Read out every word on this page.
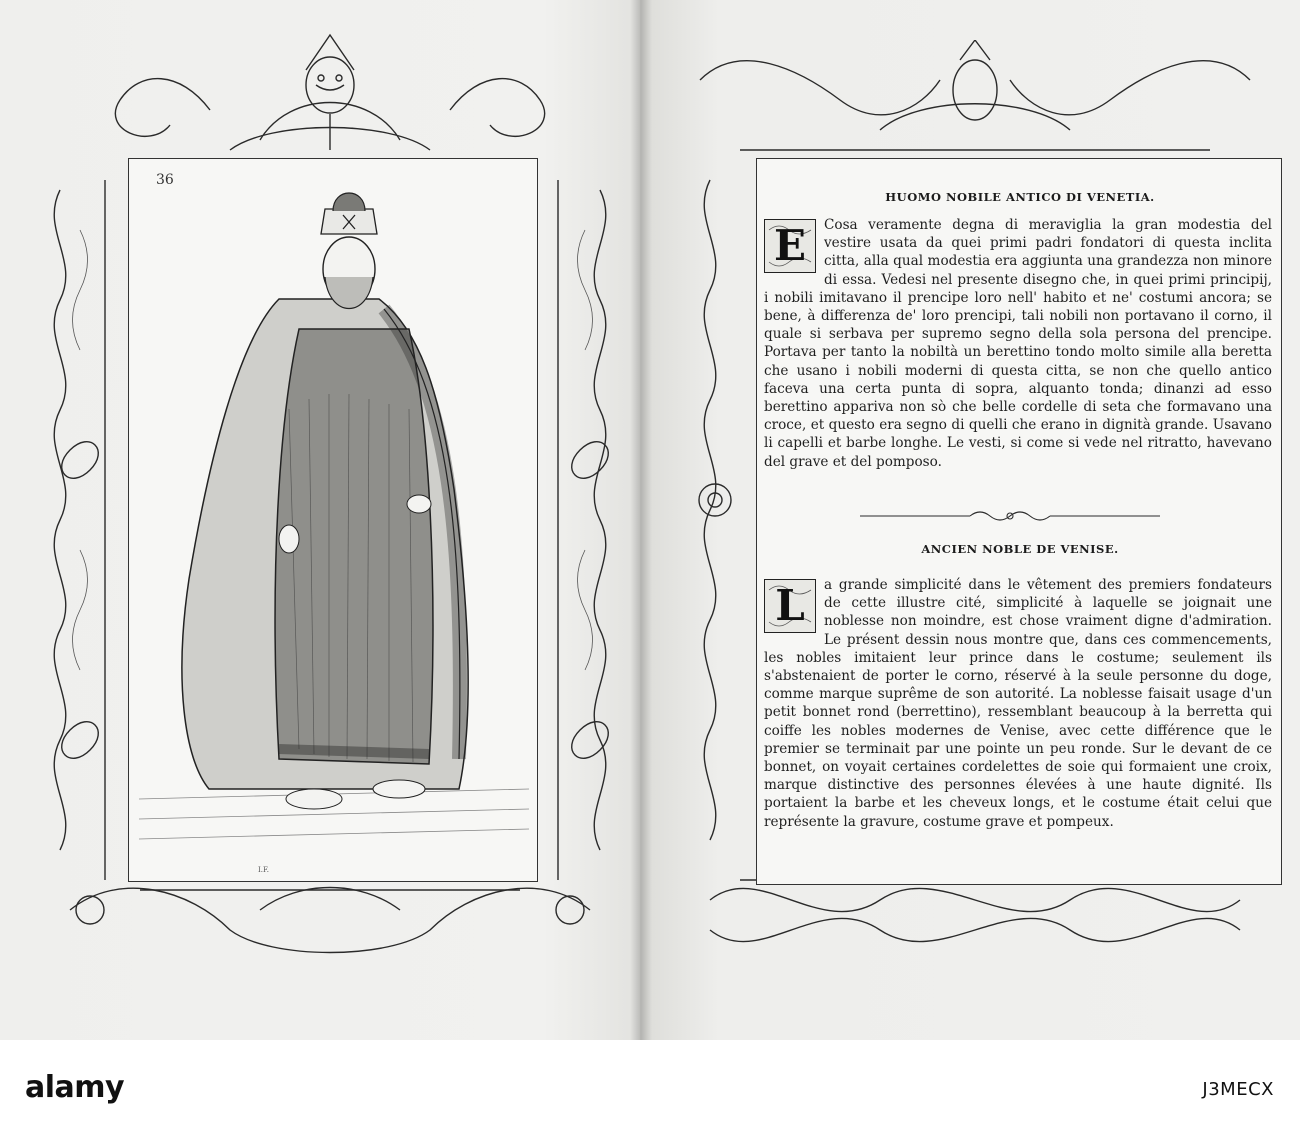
36
I.F.
HUOMO NOBILE ANTICO DI VENETIA.
E	Cosa veramente degna di meraviglia la gran modestia del vestire usata da quei primi padri fondatori di questa inclita citta, alla qual modestia era aggiunta una grandezza non minore di essa. Vedesi nel presente disegno che, in quei primi principij, i nobili imitavano il prencipe loro nell' habito et ne' costumi ancora; se bene, à differenza de' loro prencipi, tali nobili non portavano il corno, il quale si serbava per supremo segno della sola persona del prencipe. Portava per tanto la nobiltà un berettino tondo molto simile alla beretta che usano i nobili moderni di questa citta, se non che quello antico faceva una certa punta di sopra, alquanto tonda; dinanzi ad esso berettino appariva non sò che belle cordelle di seta che formavano una croce, et questo era segno di quelli che erano in dignità grande. Usavano li capelli et barbe longhe. Le vesti, si come si vede nel ritratto, havevano del grave et del pomposo.
ANCIEN NOBLE DE VENISE.
L	a grande simplicité dans le vêtement des premiers fondateurs de cette illustre cité, simplicité à laquelle se joignait une noblesse non moindre, est chose vraiment digne d'admiration. Le présent dessin nous montre que, dans ces commencements, les nobles imitaient leur prince dans le costume; seulement ils s'abstenaient de porter le corno, réservé à la seule personne du doge, comme marque suprême de son autorité. La noblesse faisait usage d'un petit bonnet rond (berrettino), ressemblant beaucoup à la berretta qui coiffe les nobles modernes de Venise, avec cette différence que le premier se terminait par une pointe un peu ronde. Sur le devant de ce bonnet, on voyait certaines cordelettes de soie qui formaient une croix, marque distinctive des personnes élevées à une haute dignité. Ils portaient la barbe et les cheveux longs, et le costume était celui que représente la gravure, costume grave et pompeux.
alamy	J3MECX
